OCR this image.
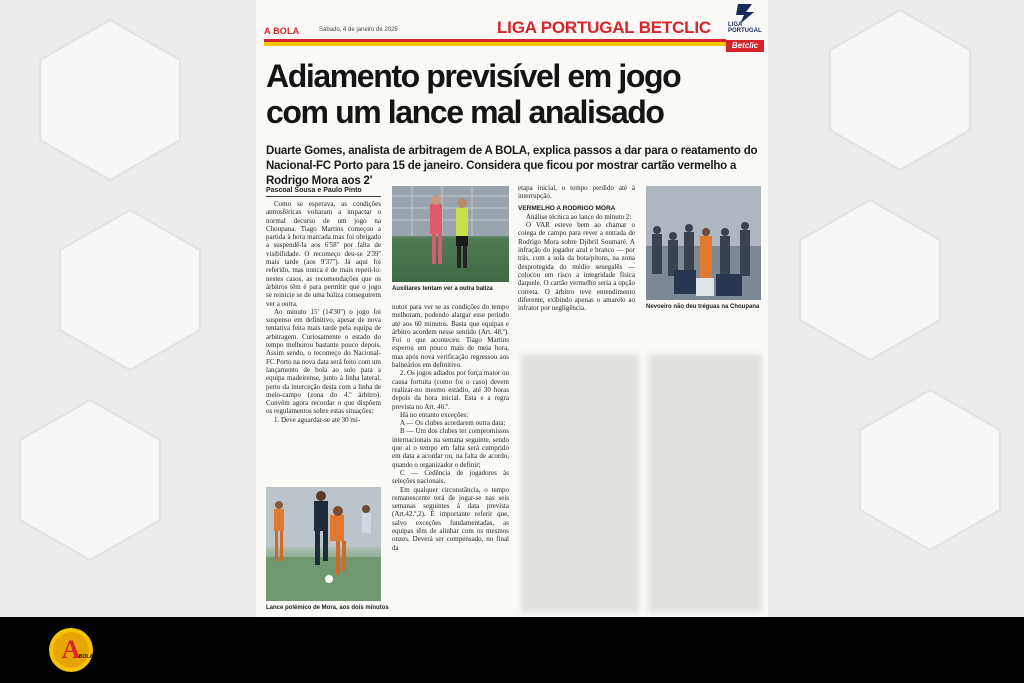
A BOLA	Sábado, 4 de janeiro de 2025	LIGA PORTUGAL BETCLIC	LIGA
PORTUGAL
Betclic
Adiamento previsível em jogo
com um lance mal analisado

Duarte Gomes, analista de arbitragem de A BOLA, explica passos a dar para o reatamento do Nacional-FC Porto para 15 de janeiro. Considera que ficou por mostrar cartão vermelho a Rodrigo Mora aos 2'

Pascoal Sousa e Paulo Pinto

Como se esperava, as condições atmosféricas voltaram a impactar o normal decurso de um jogo na Choupana. Tiago Martins começou a partida à hora marcada mas foi obrigado a suspendê-la aos 6'58'' por falta de visibilidade. O recomeço deu-se 2'39'' mais tarde (aos 9'37''). Já aqui foi referido, mas nunca é de mais repeti-lo: nestes casos, as recomendações que os árbitros têm é para permitir que o jogo se reinicie se de uma baliza conseguirem ver a outra.

Ao minuto 15' (14'30'') o jogo foi suspenso em definitivo, apesar de nova tentativa feita mais tarde pela equipa de arbitragem. Curiosamente o estado do tempo melhorou bastante pouco depois. Assim sendo, o recomeço do Nacional-FC Porto na nova data será feito com um lançamento de bola ao solo para a equipa madeirense, junto à linha lateral, perto da interceção desta com a linha de meio-campo (zona do 4.º árbitro). Convém agora recordar o que dispõem os regulamentos sobre estas situações:

1. Deve aguardar-se até 30 mi-

Auxiliares tentam ver a outra baliza

nutos para ver se as condições do tempo melhoram, podendo alargar esse período até aos 60 minutos. Basta que equipas e árbitro acordem nesse sentido (Art. 48.º). Foi o que aconteceu. Tiago Martins esperou um pouco mais de meia hora, mas após nova verificação regressou aos balneários em definitivo.

2. Os jogos adiados por força maior ou causa fortuita (como foi o caso) devem realizar-no mesmo estádio, até 30 horas depois da hora inicial. Esta e a regra prevista no Art. 46.º.

Há no entanto exceções:

A — Os clubes acordarem outra data;

B — Um dos clubes ter compromissos internacionais na semana seguinte, sendo que aí o tempo em falta será cumprido em data a acordar ou, na falta de acordo, quando o organizador o definir;

C — Cedência de jogadores às seleções nacionais.

Em qualquer circunstância, o tempo remanescente terá de jogar-se nas seis semanas seguintes à data prevista (Art.42.º,2). É importante referir que, salvo exceções fundamentadas, as equipas têm de alinhar com os mesmos onzes. Deverá ser compensado, no final da

etapa inicial, o tempo perdido até à interrupção.

VERMELHO A RODRIGO MORA

Análise técnica ao lance do minuto 2:

O VAR esteve bem ao chamar o colega de campo para rever a entrada de Rodrigo Mora sobre Djibril Soumaré. A infração do jogador azul e branco — por trás, com a sola da bota/pitons, na zona desprotegida do médio senegalês — colocou em risco a integridade física daquele. O cartão vermelho seria a opção correta. O árbitro teve entendimento diferente, exibindo apenas o amarelo ao infrator por negligência.

Lance polémico de Mora, aos dois minutos
Nevoeiro não deu tréguas na Choupana
A
BOLA
